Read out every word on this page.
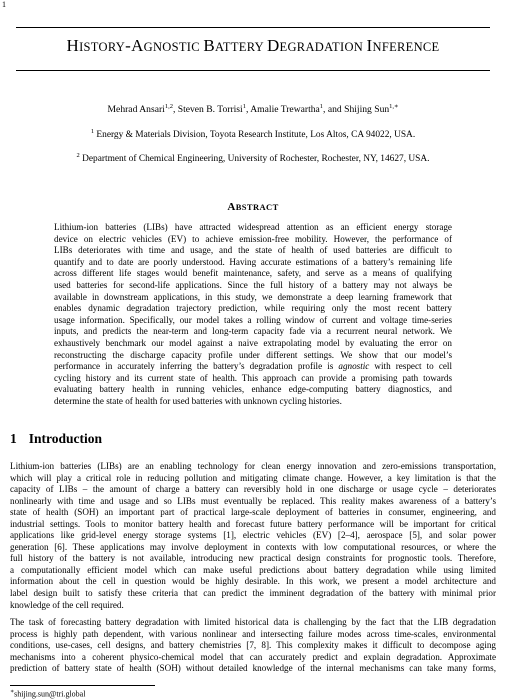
1
HISTORY-AGNOSTIC BATTERY DEGRADATION INFERENCE
Mehrad Ansari$^{1,2}$, Steven B. Torrisi$^1$, Amalie Trewartha$^1$, and Shijing Sun$^{1,∗}$
$^1$ Energy & Materials Division, Toyota Research Institute, Los Altos, CA 94022, USA.
$^2$ Department of Chemical Engineering, University of Rochester, Rochester, NY, 14627, USA.
ABSTRACT
Lithium-ion batteries (LIBs) have attracted widespread attention as an efficient energy storage
device on electric vehicles (EV) to achieve emission-free mobility. However, the performance of
LIBs deteriorates with time and usage, and the state of health of used batteries are difficult to
quantify and to date are poorly understood. Having accurate estimations of a battery’s remaining life
across different life stages would benefit maintenance, safety, and serve as a means of qualifying
used batteries for second-life applications. Since the full history of a battery may not always be
available in downstream applications, in this study, we demonstrate a deep learning framework that
enables dynamic degradation trajectory prediction, while requiring only the most recent battery
usage information. Specifically, our model takes a rolling window of current and voltage time-series
inputs, and predicts the near-term and long-term capacity fade via a recurrent neural network. We
exhaustively benchmark our model against a naive extrapolating model by evaluating the error on
reconstructing the discharge capacity profile under different settings. We show that our model’s
performance in accurately inferring the battery’s degradation profile is agnostic with respect to cell
cycling history and its current state of health. This approach can provide a promising path towards
evaluating battery health in running vehicles, enhance edge-computing battery diagnostics, and
determine the state of health for used batteries with unknown cycling histories.
1 Introduction
Lithium-ion batteries (LIBs) are an enabling technology for clean energy innovation and zero-emissions transportation,
which will play a critical role in reducing pollution and mitigating climate change. However, a key limitation is that the
capacity of LIBs – the amount of charge a battery can reversibly hold in one discharge or usage cycle – deteriorates
nonlinearly with time and usage and so LIBs must eventually be replaced. This reality makes awareness of a battery’s
state of health (SOH) an important part of practical large-scale deployment of batteries in consumer, engineering, and
industrial settings. Tools to monitor battery health and forecast future battery performance will be important for critical
applications like grid-level energy storage systems [1], electric vehicles (EV) [2–4], aerospace [5], and solar power
generation [6]. These applications may involve deployment in contexts with low computational resources, or where the
full history of the battery is not available, introducing new practical design constraints for prognostic tools. Therefore,
a computationally efficient model which can make useful predictions about battery degradation while using limited
information about the cell in question would be highly desirable. In this work, we present a model architecture and
label design built to satisfy these criteria that can predict the imminent degradation of the battery with minimal prior
knowledge of the cell required.
The task of forecasting battery degradation with limited historical data is challenging by the fact that the LIB degradation
process is highly path dependent, with various nonlinear and intersecting failure modes across time-scales, environmental
conditions, use-cases, cell designs, and battery chemistries [7, 8]. This complexity makes it difficult to decompose aging
mechanisms into a coherent physico-chemical model that can accurately predict and explain degradation. Approximate
prediction of battery state of health (SOH) without detailed knowledge of the internal mechanisms can take many forms,
∗shijing.sun@tri.global
